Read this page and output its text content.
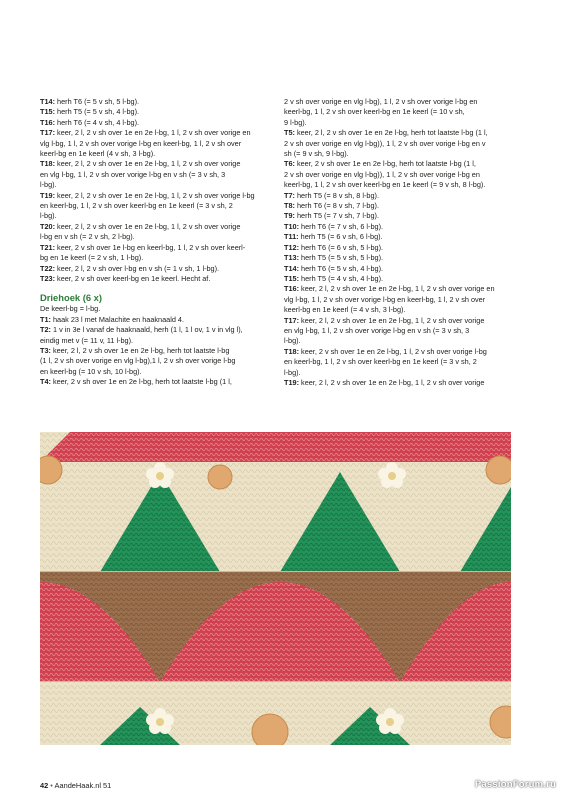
T14: herh T6 (= 5 v sh, 5 l-bg).

T15: herh T5 (= 5 v sh, 4 l-bg).

T16: herh T6 (= 4 v sh, 4 l-bg).

T17: keer, 2 l, 2 v sh over 1e en 2e l-bg, 1 l, 2 v sh over vorige en

vlg l-bg, 1 l, 2 v sh over vorige l-bg en keerl-bg, 1 l, 2 v sh over

keerl-bg en 1e keerl (4 v sh, 3 l-bg).

T18: keer, 2 l, 2 v sh over 1e en 2e l-bg, 1 l, 2 v sh over vorige

en vlg l-bg, 1 l, 2 v sh over vorige l-bg en v sh (= 3 v sh, 3

l-bg).

T19: keer, 2 l, 2 v sh over 1e en 2e l-bg, 1 l, 2 v sh over vorige l-bg

en keerl-bg, 1 l, 2 v sh over keerl-bg en 1e keerl (= 3 v sh, 2

l-bg).

T20: keer, 2 l, 2 v sh over 1e en 2e l-bg, 1 l, 2 v sh over vorige

l-bg en v sh (= 2 v sh, 2 l-bg).

T21: keer, 2 v sh over 1e l-bg en keerl-bg, 1 l, 2 v sh over keerl-

bg en 1e keerl (= 2 v sh, 1 l-bg).

T22: keer, 2 l, 2 v sh over l-bg en v sh (= 1 v sh, 1 l-bg).

T23: keer, 2 v sh over keerl-bg en 1e keerl. Hecht af.

Driehoek (6 x)

De keerl-bg = l-bg.

T1: haak 23 l met Malachite en haaknaald 4.

T2: 1 v in 3e l vanaf de haaknaald, herh (1 l, 1 l ov, 1 v in vlg l),

eindig met v (= 11 v, 11 l-bg).

T3: keer, 2 l, 2 v sh over 1e en 2e l-bg, herh tot laatste l-bg

(1 l, 2 v sh over vorige en vlg l-bg),1 l, 2 v sh over vorige l-bg

en keerl-bg (= 10 v sh, 10 l-bg).

T4: keer, 2 v sh over 1e en 2e l-bg, herh tot laatste l-bg (1 l,

2 v sh over vorige en vlg l-bg), 1 l, 2 v sh over vorige l-bg en

keerl-bg, 1 l, 2 v sh over keerl-bg en 1e keerl (= 10 v sh,

9 l-bg).

T5: keer, 2 l, 2 v sh over 1e en 2e l-bg, herh tot laatste l-bg (1 l,

2 v sh over vorige en vlg l-bg)), 1 l, 2 v sh over vorige l-bg en v

sh (= 9 v sh, 9 l-bg).

T6: keer, 2 v sh over 1e en 2e l-bg, herh tot laatste l-bg (1 l,

2 v sh over vorige en vlg l-bg)), 1 l, 2 v sh over vorige l-bg en

keerl-bg, 1 l, 2 v sh over keerl-bg en 1e keerl (= 9 v sh, 8 l-bg).

T7: herh T5 (= 8 v sh, 8 l-bg).

T8: herh T6 (= 8 v sh, 7 l-bg).

T9: herh T5 (= 7 v sh, 7 l-bg).

T10: herh T6 (= 7 v sh, 6 l-bg).

T11: herh T5 (= 6 v sh, 6 l-bg).

T12: herh T6 (= 6 v sh, 5 l-bg).

T13: herh T5 (= 5 v sh, 5 l-bg).

T14: herh T6 (= 5 v sh, 4 l-bg).

T15: herh T5 (= 4 v sh, 4 l-bg).

T16: keer, 2 l, 2 v sh over 1e en 2e l-bg, 1 l, 2 v sh over vorige en

vlg l-bg, 1 l, 2 v sh over vorige l-bg en keerl-bg, 1 l, 2 v sh over

keerl-bg en 1e keerl (= 4 v sh, 3 l-bg).

T17: keer, 2 l, 2 v sh over 1e en 2e l-bg, 1 l, 2 v sh over vorige

en vlg l-bg, 1 l, 2 v sh over vorige l-bg en v sh (= 3 v sh, 3

l-bg).

T18: keer, 2 v sh over 1e en 2e l-bg, 1 l, 2 v sh over vorige l-bg

en keerl-bg, 1 l, 2 v sh over keerl-bg en 1e keerl (= 3 v sh, 2

l-bg).

T19: keer, 2 l, 2 v sh over 1e en 2e l-bg, 1 l, 2 v sh over vorige

42 • AandeHaak.nl 51	PassionForum.ru
